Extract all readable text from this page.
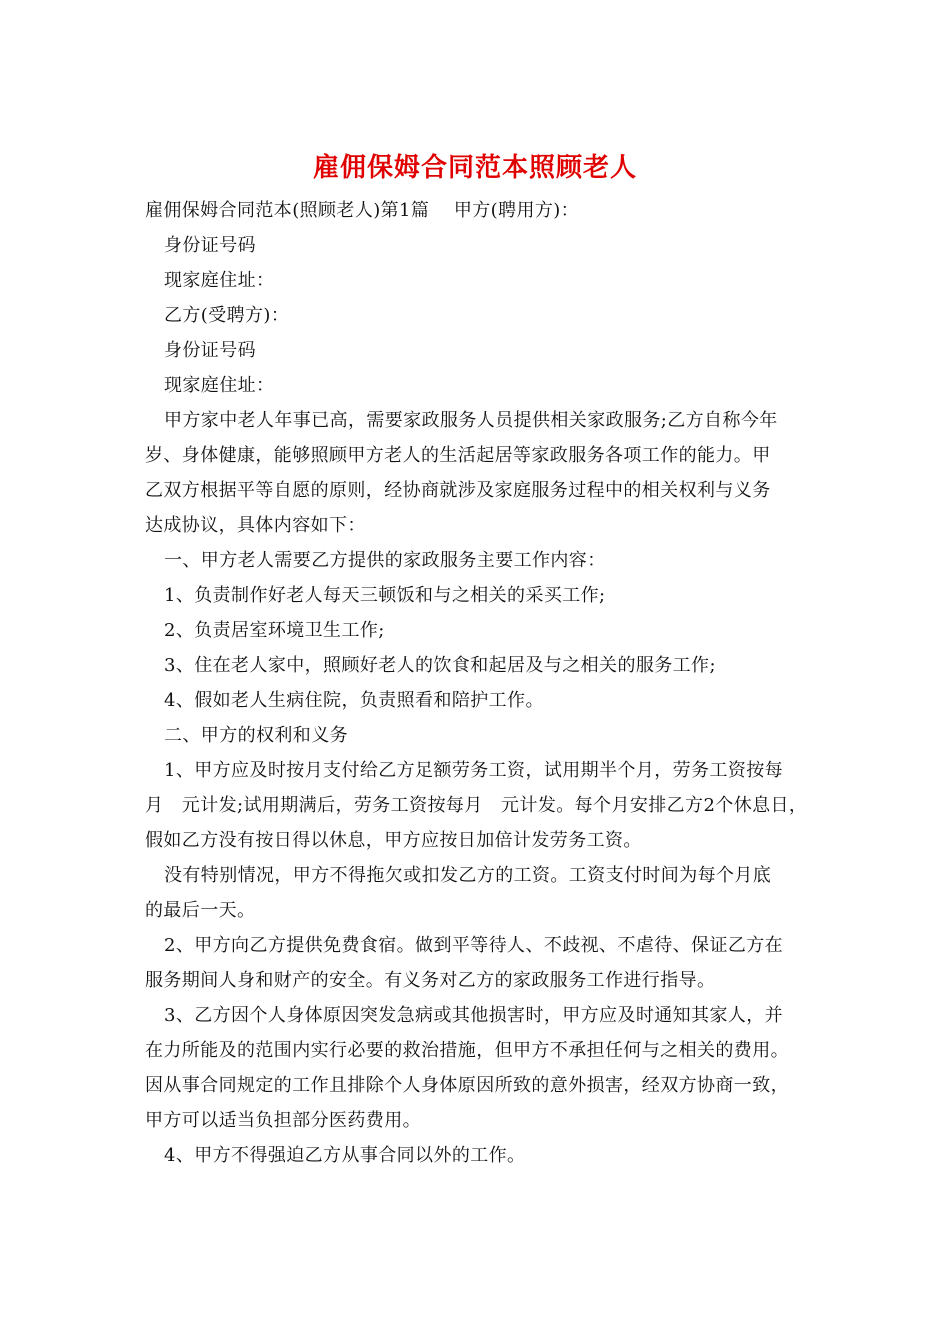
雇佣保姆合同范本照顾老人
雇佣保姆合同范本(照顾老人)第1篇　 甲方(聘用方)：
身份证号码
现家庭住址：
乙方(受聘方)：
身份证号码
现家庭住址：
甲方家中老人年事已高，需要家政服务人员提供相关家政服务;乙方自称今年
岁、身体健康，能够照顾甲方老人的生活起居等家政服务各项工作的能力。甲
乙双方根据平等自愿的原则，经协商就涉及家庭服务过程中的相关权利与义务
达成协议，具体内容如下：
一、甲方老人需要乙方提供的家政服务主要工作内容：
1、负责制作好老人每天三顿饭和与之相关的采买工作;
2、负责居室环境卫生工作;
3、住在老人家中，照顾好老人的饮食和起居及与之相关的服务工作;
4、假如老人生病住院，负责照看和陪护工作。
二、甲方的权利和义务
1、甲方应及时按月支付给乙方足额劳务工资，试用期半个月，劳务工资按每
月　元计发;试用期满后，劳务工资按每月　元计发。每个月安排乙方2个休息日，
假如乙方没有按日得以休息，甲方应按日加倍计发劳务工资。
没有特别情况，甲方不得拖欠或扣发乙方的工资。工资支付时间为每个月底
的最后一天。
2、甲方向乙方提供免费食宿。做到平等待人、不歧视、不虐待、保证乙方在
服务期间人身和财产的安全。有义务对乙方的家政服务工作进行指导。
3、乙方因个人身体原因突发急病或其他损害时，甲方应及时通知其家人，并
在力所能及的范围内实行必要的救治措施，但甲方不承担任何与之相关的费用。
因从事合同规定的工作且排除个人身体原因所致的意外损害，经双方协商一致，
甲方可以适当负担部分医药费用。
4、甲方不得强迫乙方从事合同以外的工作。
